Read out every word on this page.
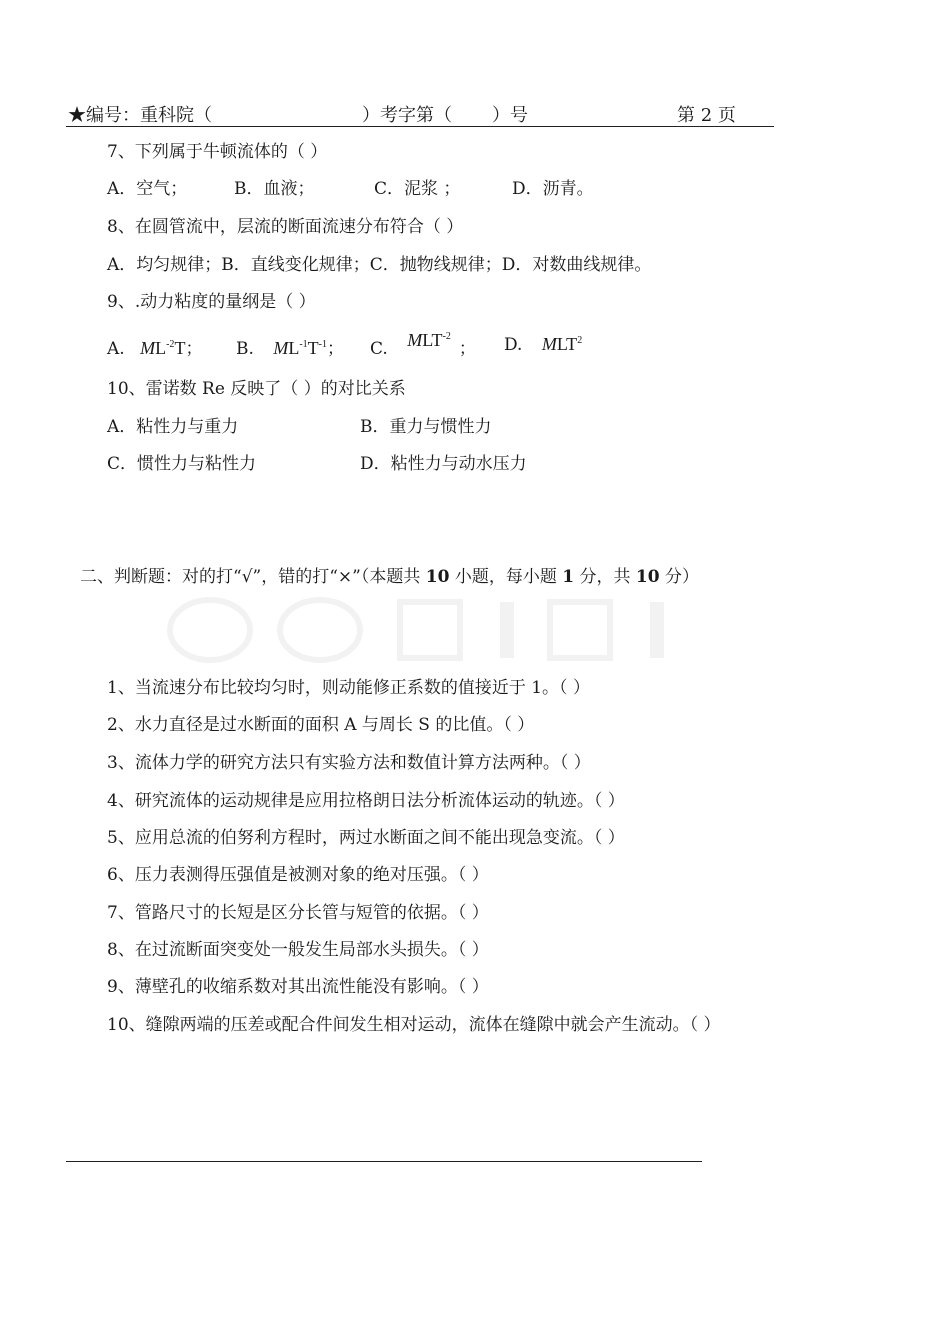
★编号：重科院（	）考字第（ ）号	第 2 页
7、下列属于牛顿流体的（ ）
A．空气；	B．血液；	C．泥浆 ；	D．沥青。
8、在圆管流中，层流的断面流速分布符合（ ）
A．均匀规律；B．直线变化规律；C．抛物线规律；D．对数曲线规律。
9、.动力粘度的量纲是（ ）
A. $ML^{-2}T$； B. $ML^{-1}T^{-1}$； C. $MLT^{-2}$； D. MLT$^2$
10、雷诺数 Re 反映了（ ）的对比关系
A．粘性力与重力	B．重力与惯性力
C．惯性力与粘性力	D．粘性力与动水压力
二、判断题：对的打“√”，错的打“×”（本题共 10 小题，每小题 1 分，共 10 分）
1、当流速分布比较均匀时，则动能修正系数的值接近于 1。（ ）
2、水力直径是过水断面的面积 A 与周长 S 的比值。（ ）
3、流体力学的研究方法只有实验方法和数值计算方法两种。（ ）
4、研究流体的运动规律是应用拉格朗日法分析流体运动的轨迹。（ ）
5、应用总流的伯努利方程时，两过水断面之间不能出现急变流。（ ）
6、压力表测得压强值是被测对象的绝对压强。（ ）
7、管路尺寸的长短是区分长管与短管的依据。（ ）
8、在过流断面突变处一般发生局部水头损失。（ ）
9、薄壁孔的收缩系数对其出流性能没有影响。（ ）
10、缝隙两端的压差或配合件间发生相对运动，流体在缝隙中就会产生流动。（ ）
